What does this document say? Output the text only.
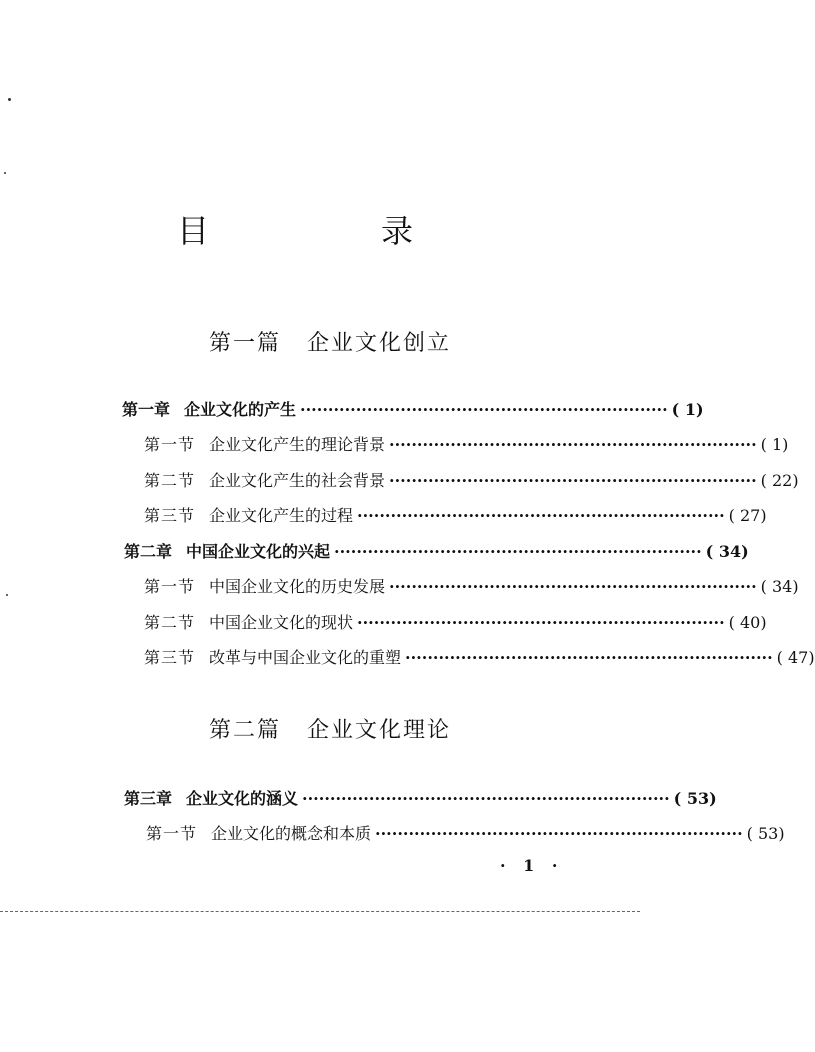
目　录
第一篇 企业文化创立
第一章 企业文化的产生 ·································································· ( 1)
第一节 企业文化产生的理论背景 ·································································· ( 1)
第二节 企业文化产生的社会背景 ·································································· ( 22)
第三节 企业文化产生的过程 ·································································· ( 27)
第二章 中国企业文化的兴起 ·································································· ( 34)
第一节 中国企业文化的历史发展 ·································································· ( 34)
第二节 中国企业文化的现状 ·································································· ( 40)
第三节 改革与中国企业文化的重塑 ·································································· ( 47)
第二篇 企业文化理论
第三章 企业文化的涵义 ·································································· ( 53)
第一节 企业文化的概念和本质 ·································································· ( 53)
· 1 ·
